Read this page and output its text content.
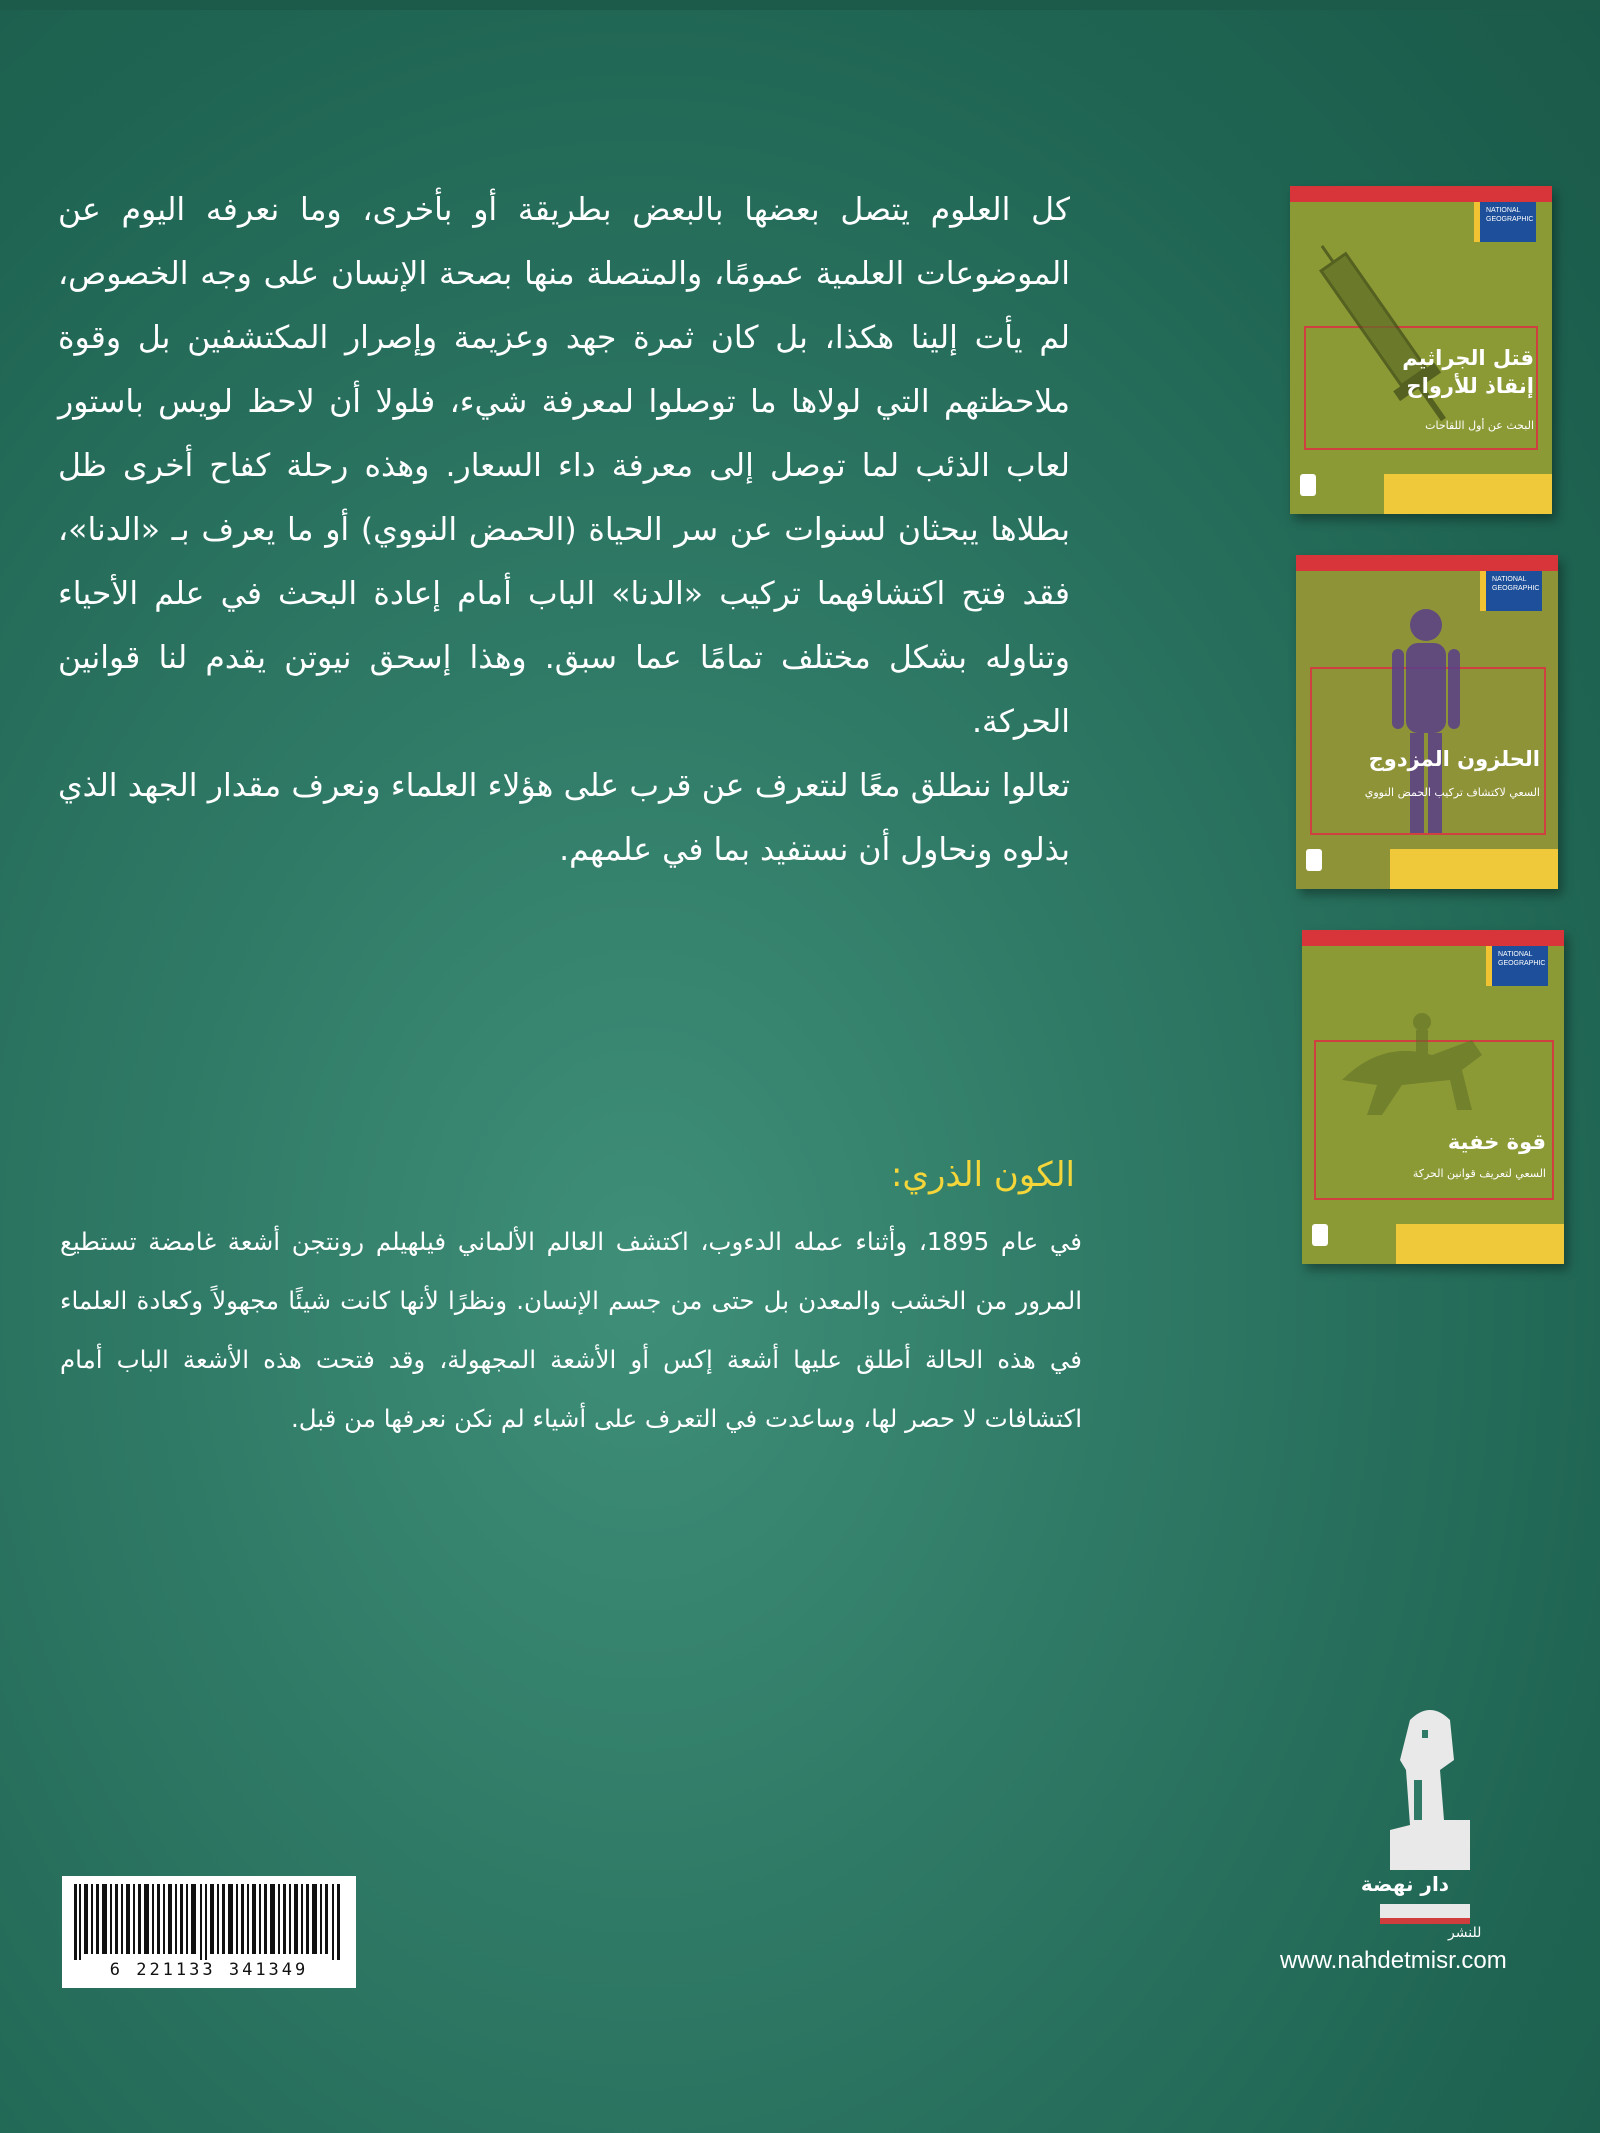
كل العلوم يتصل بعضها بالبعض بطريقة أو بأخرى، وما نعرفه اليوم عن الموضوعات العلمية عمومًا، والمتصلة منها بصحة الإنسان على وجه الخصوص، لم يأت إلينا هكذا، بل كان ثمرة جهد وعزيمة وإصرار المكتشفين بل وقوة ملاحظتهم التي لولاها ما توصلوا لمعرفة شيء، فلولا أن لاحظ لويس باستور لعاب الذئب لما توصل إلى معرفة داء السعار. وهذه رحلة كفاح أخرى ظل بطلاها يبحثان لسنوات عن سر الحياة (الحمض النووي) أو ما يعرف بـ «الدنا»، فقد فتح اكتشافهما تركيب «الدنا» الباب أمام إعادة البحث في علم الأحياء وتناوله بشكل مختلف تمامًا عما سبق. وهذا إسحق نيوتن يقدم لنا قوانين الحركة.

تعالوا ننطلق معًا لنتعرف عن قرب على هؤلاء العلماء ونعرف مقدار الجهد الذي بذلوه ونحاول أن نستفيد بما في علمهم.

الكون الذري:
في عام 1895، وأثناء عمله الدءوب، اكتشف العالم الألماني فيلهيلم رونتجن أشعة غامضة تستطيع المرور من الخشب والمعدن بل حتى من جسم الإنسان. ونظرًا لأنها كانت شيئًا مجهولاً وكعادة العلماء في هذه الحالة أطلق عليها أشعة إكس أو الأشعة المجهولة، وقد فتحت هذه الأشعة الباب أمام اكتشافات لا حصر لها، وساعدت في التعرف على أشياء لم نكن نعرفها من قبل.
NATIONAL GEOGRAPHIC
قتل الجراثيم
إنقاذ للأرواح
البحث عن أول اللقاحات
NATIONAL GEOGRAPHIC
الحلزون المزدوج
السعي لاكتشاف تركيب الحمض النووي
NATIONAL GEOGRAPHIC
قوة خفية
السعي لتعريف قوانين الحركة
6 221133 341349
دار نهضة
للنشر
www.nahdetmisr.com
